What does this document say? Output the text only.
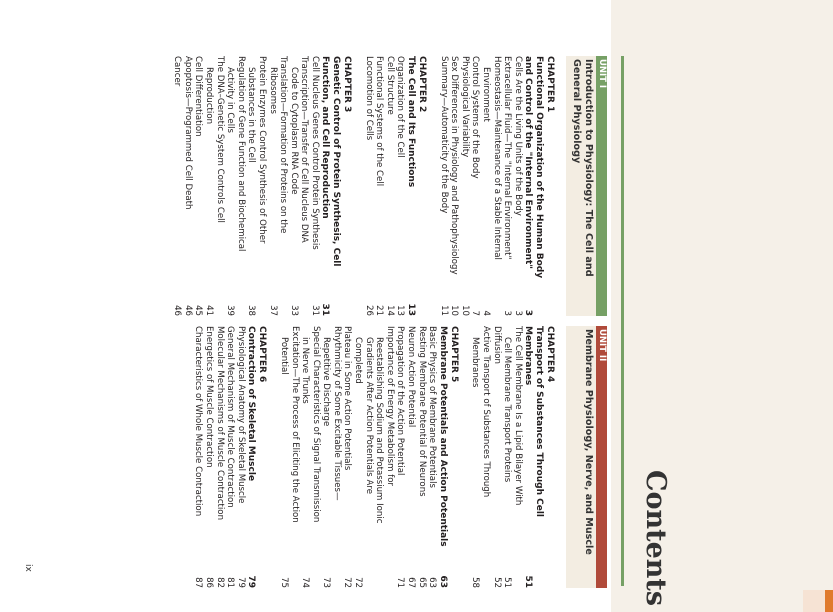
Contents
UNIT I
Introduction to Physiology: The Cell and General Physiology
CHAPTER 1
Functional Organization of the Human Body and Control of the "Internal Environment"
3
Cells Are the Living Units of the Body
3
Extracellular Fluid—The "Internal Environment"
3
Homeostasis—Maintenance of a Stable Internal
Environment
4
Control Systems of the Body
7
Physiological Variability
10
Sex Differences in Physiology and Pathophysiology
10
Summary—Automaticity of the Body
11
CHAPTER 2
The Cell and Its Functions
13
Organization of the Cell
13
Cell Structure
14
Functional Systems of the Cell
21
Locomotion of Cells
26
CHAPTER 3
Genetic Control of Protein Synthesis, Cell Function, and Cell Reproduction
31
Cell Nucleus Genes Control Protein Synthesis
31
Transcription—Transfer of Cell Nucleus DNA
Code to Cytoplasm RNA Code
33
Translation—Formation of Proteins on the
Ribosomes
37
Protein Enzymes Control Synthesis of Other
Substances in the Cell
38
Regulation of Gene Function and Biochemical
Activity in Cells
39
The DNA–Genetic System Controls Cell
Reproduction
41
Cell Differentiation
45
Apoptosis—Programmed Cell Death
46
Cancer
46
UNIT II
Membrane Physiology, Nerve, and Muscle
CHAPTER 4
Transport of Substances Through Cell Membranes
51
The Cell Membrane Is a Lipid Bilayer With
Cell Membrane Transport Proteins
51
Diffusion
52
Active Transport of Substances Through
Membranes
58
CHAPTER 5
Membrane Potentials and Action Potentials
63
Basic Physics of Membrane Potentials
63
Resting Membrane Potential of Neurons
65
Neuron Action Potential
67
Propagation of the Action Potential
71
Importance of Energy Metabolism for
Reestablishing Sodium and Potassium Ionic
Gradients After Action Potentials Are
Completed
72
Plateau in Some Action Potentials
72
Rhythmicity of Some Excitable Tissues—
Repetitive Discharge
73
Special Characteristics of Signal Transmission
in Nerve Trunks
74
Excitation—The Process of Eliciting the Action
Potential
75
CHAPTER 6
Contraction of Skeletal Muscle
79
Physiological Anatomy of Skeletal Muscle
79
General Mechanism of Muscle Contraction
81
Molecular Mechanisms of Muscle Contraction
82
Energetics of Muscle Contraction
86
Characteristics of Whole Muscle Contraction
87
ix
